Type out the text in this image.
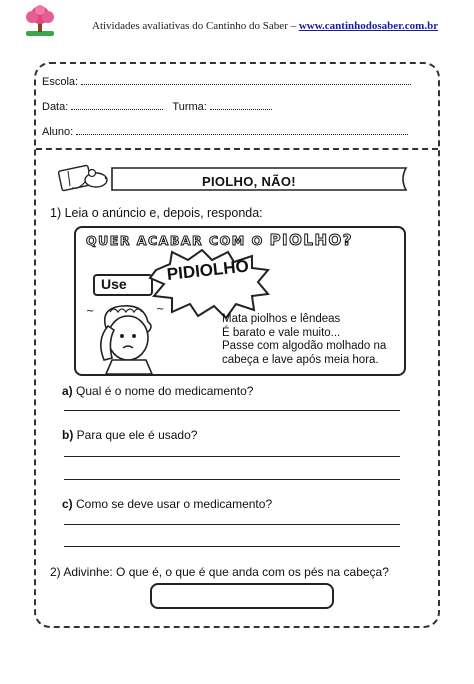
Atividades avaliativas do Cantinho do Saber – www.cantinhodosaber.com.br
Escola:
Data:	Turma:
Aluno:
PIOLHO, NÃO!
1) Leia o anúncio e, depois, responda:
QUER ACABAR COM O PIOLHO?
Use
PIDIOLHO
~	~
Mata piolhos e lêndeas
É barato e vale muito...
Passe com algodão molhado na
cabeça e lave após meia hora.
a) Qual é o nome do medicamento?
b) Para que ele é usado?
c) Como se deve usar o medicamento?
2) Adivinhe: O que é, o que é que anda com os pés na cabeça?
